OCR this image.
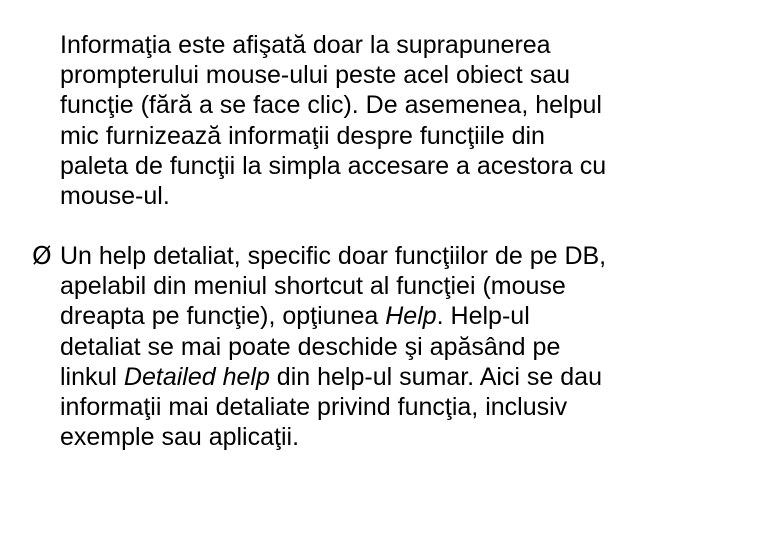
Informaţia este afişată doar la suprapunerea
prompterului mouse-ului peste acel obiect sau
funcţie (fără a se face clic). De asemenea, helpul
mic furnizează informaţii despre funcţiile din
paleta de funcţii la simpla accesare a acestora cu
mouse-ul.
Ø Un help detaliat, specific doar funcţiilor de pe DB,
apelabil din meniul shortcut al funcţiei (mouse
dreapta pe funcţie), opţiunea Help. Help-ul
detaliat se mai poate deschide şi apăsând pe
linkul Detailed help din help-ul sumar. Aici se dau
informaţii mai detaliate privind funcţia, inclusiv
exemple sau aplicaţii.
